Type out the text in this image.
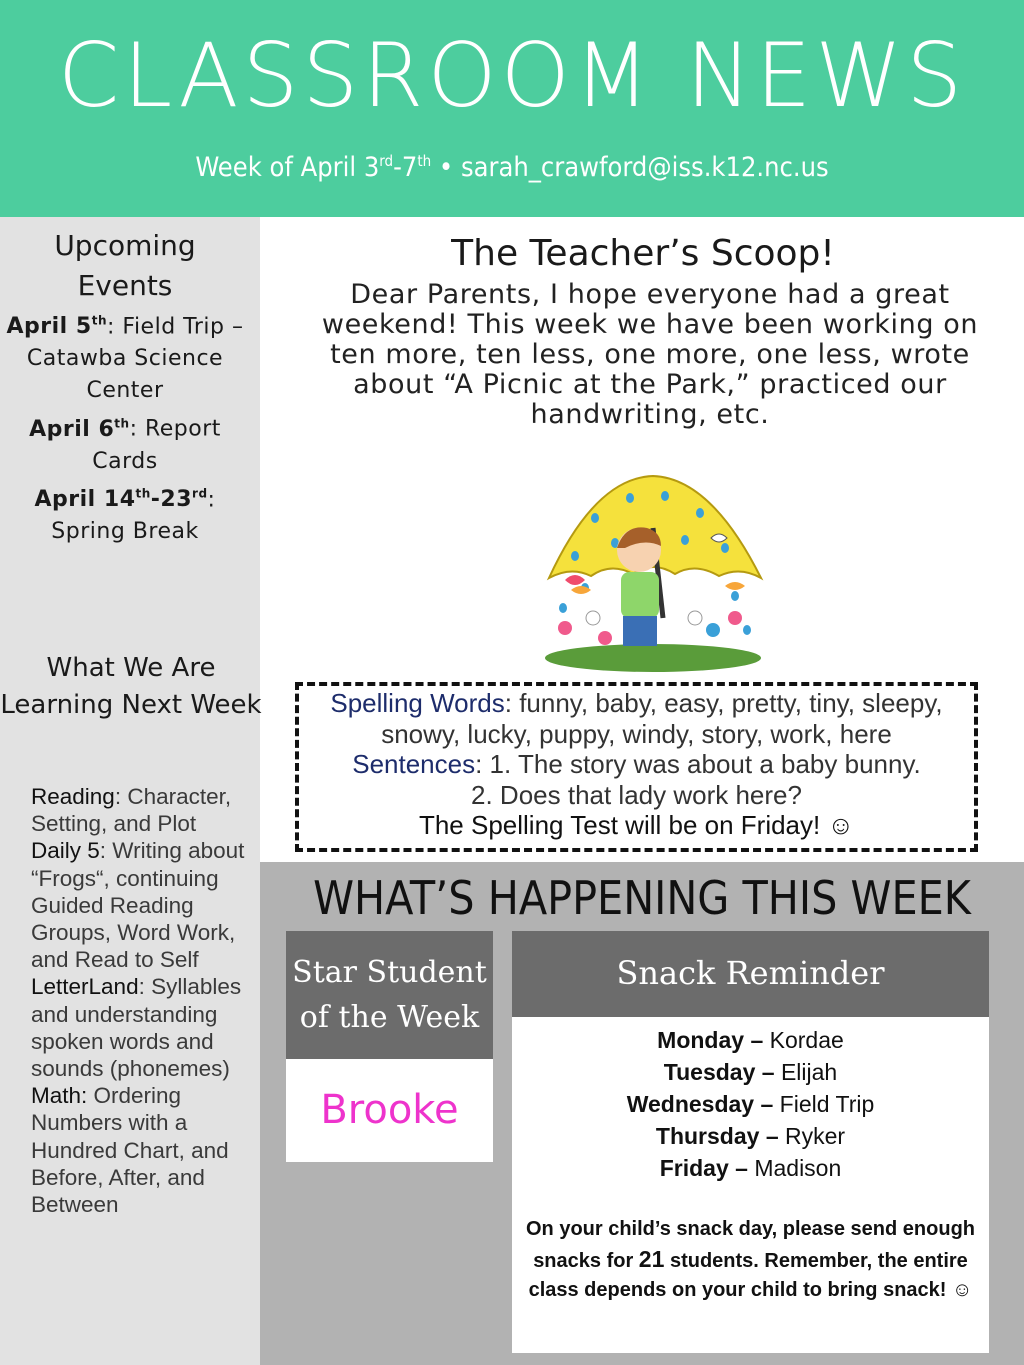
CLASSROOM NEWS
Week of April 3rd-7th • sarah_crawford@iss.k12.nc.us
Upcoming
Events
April 5th: Field Trip – Catawba Science Center
April 6th: Report Cards
April 14th-23rd: Spring Break
What We Are Learning Next Week
Reading: Character, Setting, and Plot
Daily 5: Writing about “Frogs“, continuing Guided Reading Groups, Word Work, and Read to Self
LetterLand: Syllables and understanding spoken words and sounds (phonemes)
Math: Ordering Numbers with a Hundred Chart, and Before, After, and Between
The Teacher’s Scoop!
Dear Parents, I hope everyone had a great weekend! This week we have been working on ten more, ten less, one more, one less, wrote about “A Picnic at the Park,” practiced our handwriting, etc.
Spelling Words: funny, baby, easy, pretty, tiny, sleepy, snowy, lucky, puppy, windy, story, work, here
Sentences: 1. The story was about a baby bunny.
2. Does that lady work here?
The Spelling Test will be on Friday! ☺
WHAT’S HAPPENING THIS WEEK
Star Student
of the Week
Brooke
Snack Reminder
Monday – Kordae
Tuesday – Elijah
Wednesday – Field Trip
Thursday – Ryker
Friday – Madison
On your child’s snack day, please send enough snacks for 21 students. Remember, the entire class depends on your child to bring snack! ☺
